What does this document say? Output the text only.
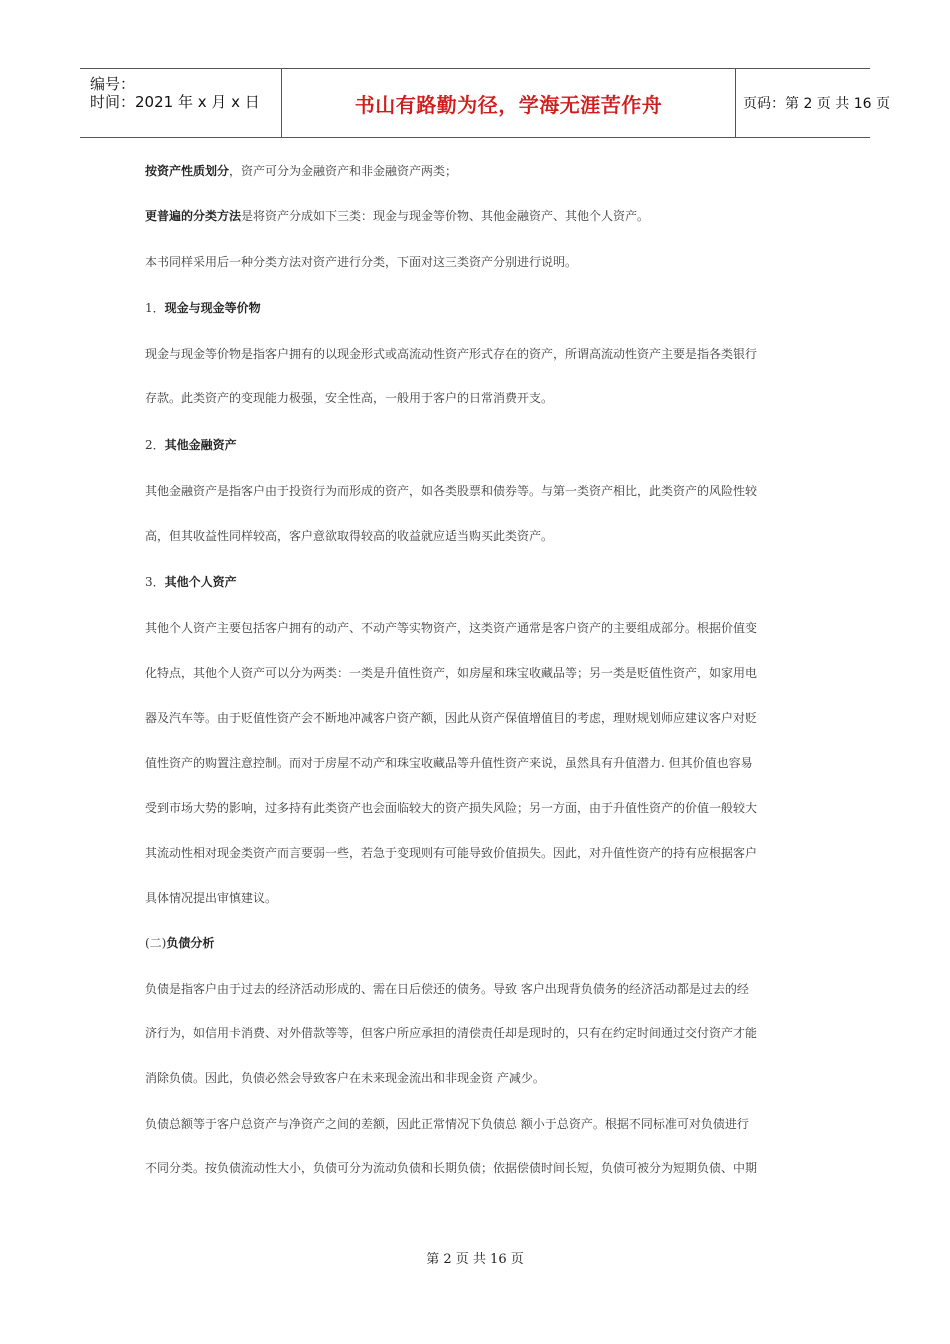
编号：
时间：2021 年 x 月 x 日	书山有路勤为径，学海无涯苦作舟	页码：第 2 页 共 16 页
按资产性质划分，资产可分为金融资产和非金融资产两类；
更普遍的分类方法是将资产分成如下三类：现金与现金等价物、其他金融资产、其他个人资产。
本书同样采用后一种分类方法对资产进行分类，下面对这三类资产分别进行说明。
1．现金与现金等价物
现金与现金等价物是指客户拥有的以现金形式或高流动性资产形式存在的资产，所谓高流动性资产主要是指各类银行
存款。此类资产的变现能力极强，安全性高，一般用于客户的日常消费开支。
2．其他金融资产
其他金融资产是指客户由于投资行为而形成的资产，如各类股票和债券等。与第一类资产相比，此类资产的风险性较
高，但其收益性同样较高，客户意欲取得较高的收益就应适当购买此类资产。
3．其他个人资产
其他个人资产主要包括客户拥有的动产、不动产等实物资产，这类资产通常是客户资产的主要组成部分。根据价值变
化特点，其他个人资产可以分为两类：一类是升值性资产，如房屋和珠宝收藏品等；另一类是贬值性资产，如家用电
器及汽车等。由于贬值性资产会不断地冲减客户资产额，因此从资产保值增值目的考虑，理财规划师应建议客户对贬
值性资产的购置注意控制。而对于房屋不动产和珠宝收藏品等升值性资产来说，虽然具有升值潜力. 但其价值也容易
受到市场大势的影响，过多持有此类资产也会面临较大的资产损失风险；另一方面，由于升值性资产的价值一般较大
其流动性相对现金类资产而言要弱一些，若急于变现则有可能导致价值损失。因此，对升值性资产的持有应根据客户
具体情况提出审慎建议。
(二)负债分析
负债是指客户由于过去的经济活动形成的、需在日后偿还的债务。导致 客户出现背负债务的经济活动都是过去的经
济行为，如信用卡消费、对外借款等等，但客户所应承担的清偿责任却是现时的，只有在约定时间通过交付资产才能
消除负债。因此，负债必然会导致客户在未来现金流出和非现金资 产减少。
负债总额等于客户总资产与净资产之间的差额，因此正常情况下负债总 额小于总资产。根据不同标准可对负债进行
不同分类。按负债流动性大小，负债可分为流动负债和长期负债；依据偿债时间长短，负债可被分为短期负债、中期
第 2 页 共 16 页
